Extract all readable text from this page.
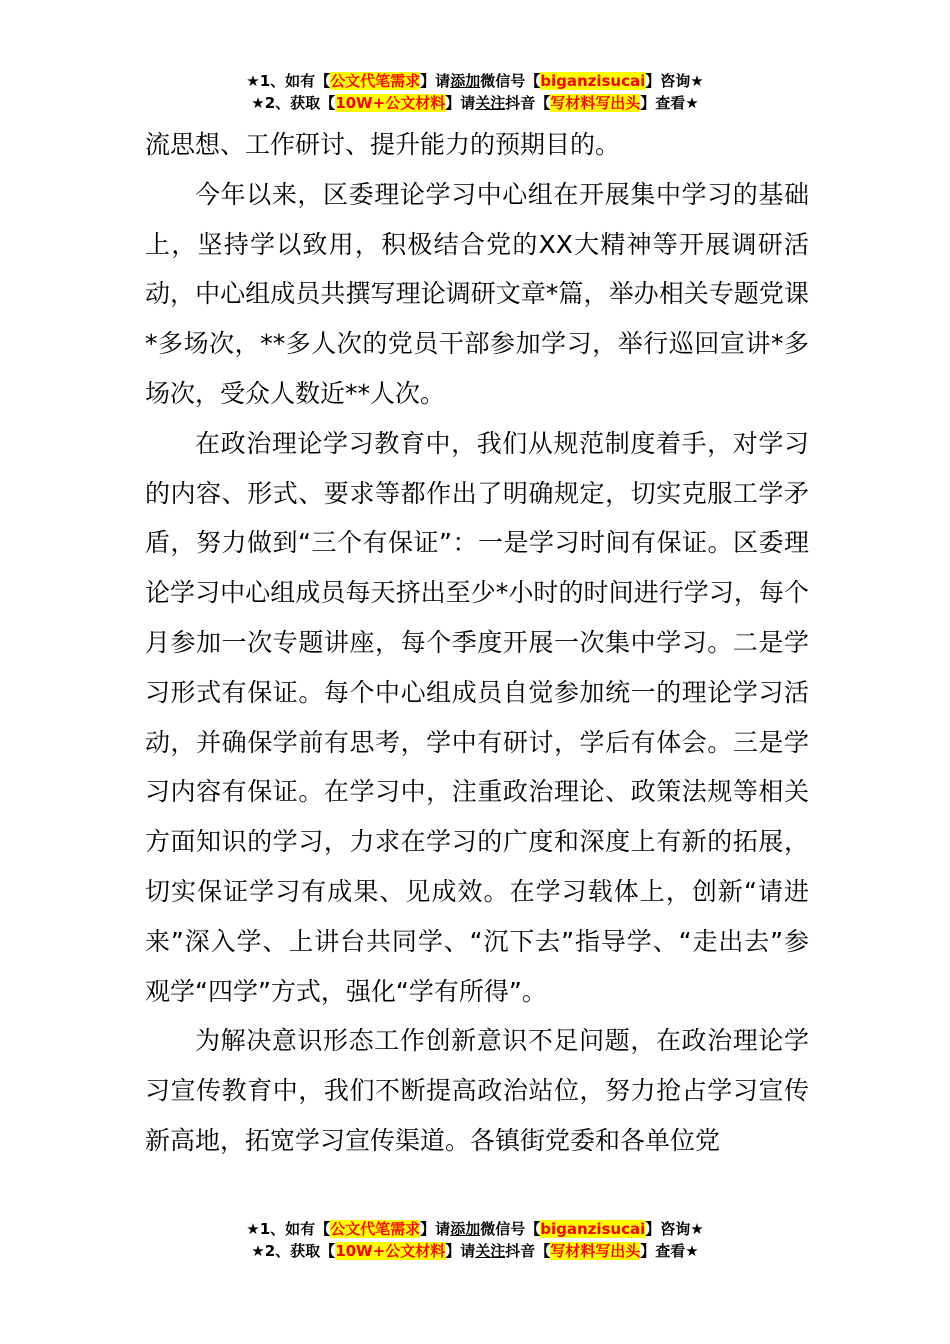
★1、如有【公文代笔需求】请添加微信号【biganzisucai】咨询★
★2、获取【10W+公文材料】请关注抖音【写材料写出头】查看★

流思想、工作研讨、提升能力的预期目的。

今年以来，区委理论学习中心组在开展集中学习的基础上，坚持学以致用，积极结合党的XX大精神等开展调研活动，中心组成员共撰写理论调研文章*篇，举办相关专题党课*多场次，**多人次的党员干部参加学习，举行巡回宣讲*多场次，受众人数近**人次。

在政治理论学习教育中，我们从规范制度着手，对学习的内容、形式、要求等都作出了明确规定，切实克服工学矛盾，努力做到“三个有保证”：一是学习时间有保证。区委理论学习中心组成员每天挤出至少*小时的时间进行学习，每个月参加一次专题讲座，每个季度开展一次集中学习。二是学习形式有保证。每个中心组成员自觉参加统一的理论学习活动，并确保学前有思考，学中有研讨，学后有体会。三是学习内容有保证。在学习中，注重政治理论、政策法规等相关方面知识的学习，力求在学习的广度和深度上有新的拓展，切实保证学习有成果、见成效。在学习载体上，创新“请进来”深入学、上讲台共同学、“沉下去”指导学、“走出去”参观学“四学”方式，强化“学有所得”。

为解决意识形态工作创新意识不足问题，在政治理论学习宣传教育中，我们不断提高政治站位，努力抢占学习宣传新高地，拓宽学习宣传渠道。各镇街党委和各单位党

★1、如有【公文代笔需求】请添加微信号【biganzisucai】咨询★
★2、获取【10W+公文材料】请关注抖音【写材料写出头】查看★
